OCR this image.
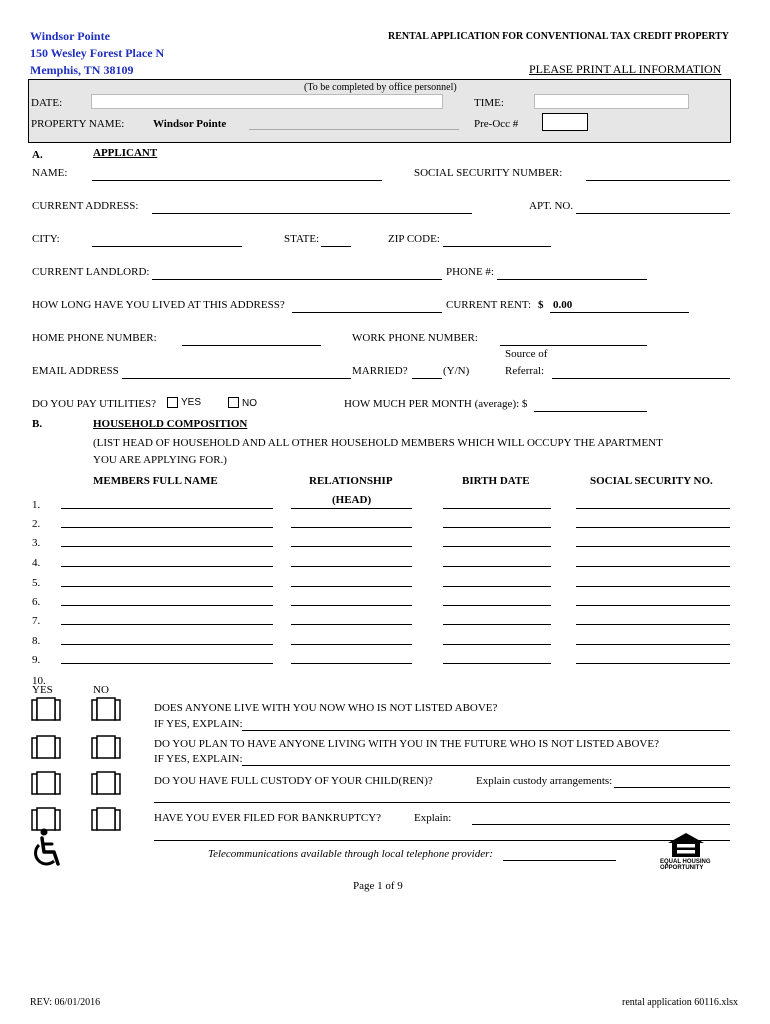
Windsor Pointe
150 Wesley Forest Place N
Memphis, TN 38109
RENTAL APPLICATION FOR CONVENTIONAL TAX CREDIT PROPERTY
PLEASE PRINT ALL INFORMATION
(To be completed by office personnel)
DATE:	TIME:
PROPERTY NAME:	Windsor Pointe	Pre-Occ #
A.	APPLICANT
NAME:	SOCIAL SECURITY NUMBER:
CURRENT ADDRESS:	APT. NO.
CITY:	STATE:	ZIP CODE:
CURRENT LANDLORD:	PHONE #:
HOW LONG HAVE YOU LIVED AT THIS ADDRESS?	CURRENT RENT: $ 0.00
HOME PHONE NUMBER:	WORK PHONE NUMBER:
Source of
EMAIL ADDRESS	MARRIED?	(Y/N)	Referral:
DO YOU PAY UTILITIES?	YES	NO	HOW MUCH PER MONTH (average): $
B.	HOUSEHOLD COMPOSITION
(LIST HEAD OF HOUSEHOLD AND ALL OTHER HOUSEHOLD MEMBERS WHICH WILL OCCUPY THE APARTMENT
YOU ARE APPLYING FOR.)
MEMBERS FULL NAME	RELATIONSHIP	BIRTH DATE	SOCIAL SECURITY NO.
(HEAD)
1.
2.
3.
4.
5.
6.
7.
8.
9.
10.
YES	NO
DOES ANYONE LIVE WITH YOU NOW WHO IS NOT LISTED ABOVE?
IF YES, EXPLAIN:
DO YOU PLAN TO HAVE ANYONE LIVING WITH YOU IN THE FUTURE WHO IS NOT LISTED ABOVE?
IF YES, EXPLAIN:
DO YOU HAVE FULL CUSTODY OF YOUR CHILD(REN)?	Explain custody arrangements:
HAVE YOU EVER FILED FOR BANKRUPTCY?	Explain:
Telecommunications available through local telephone provider:
EQUAL HOUSING
OPPORTUNITY
Page 1 of 9
REV: 06/01/2016	rental application 60116.xlsx
